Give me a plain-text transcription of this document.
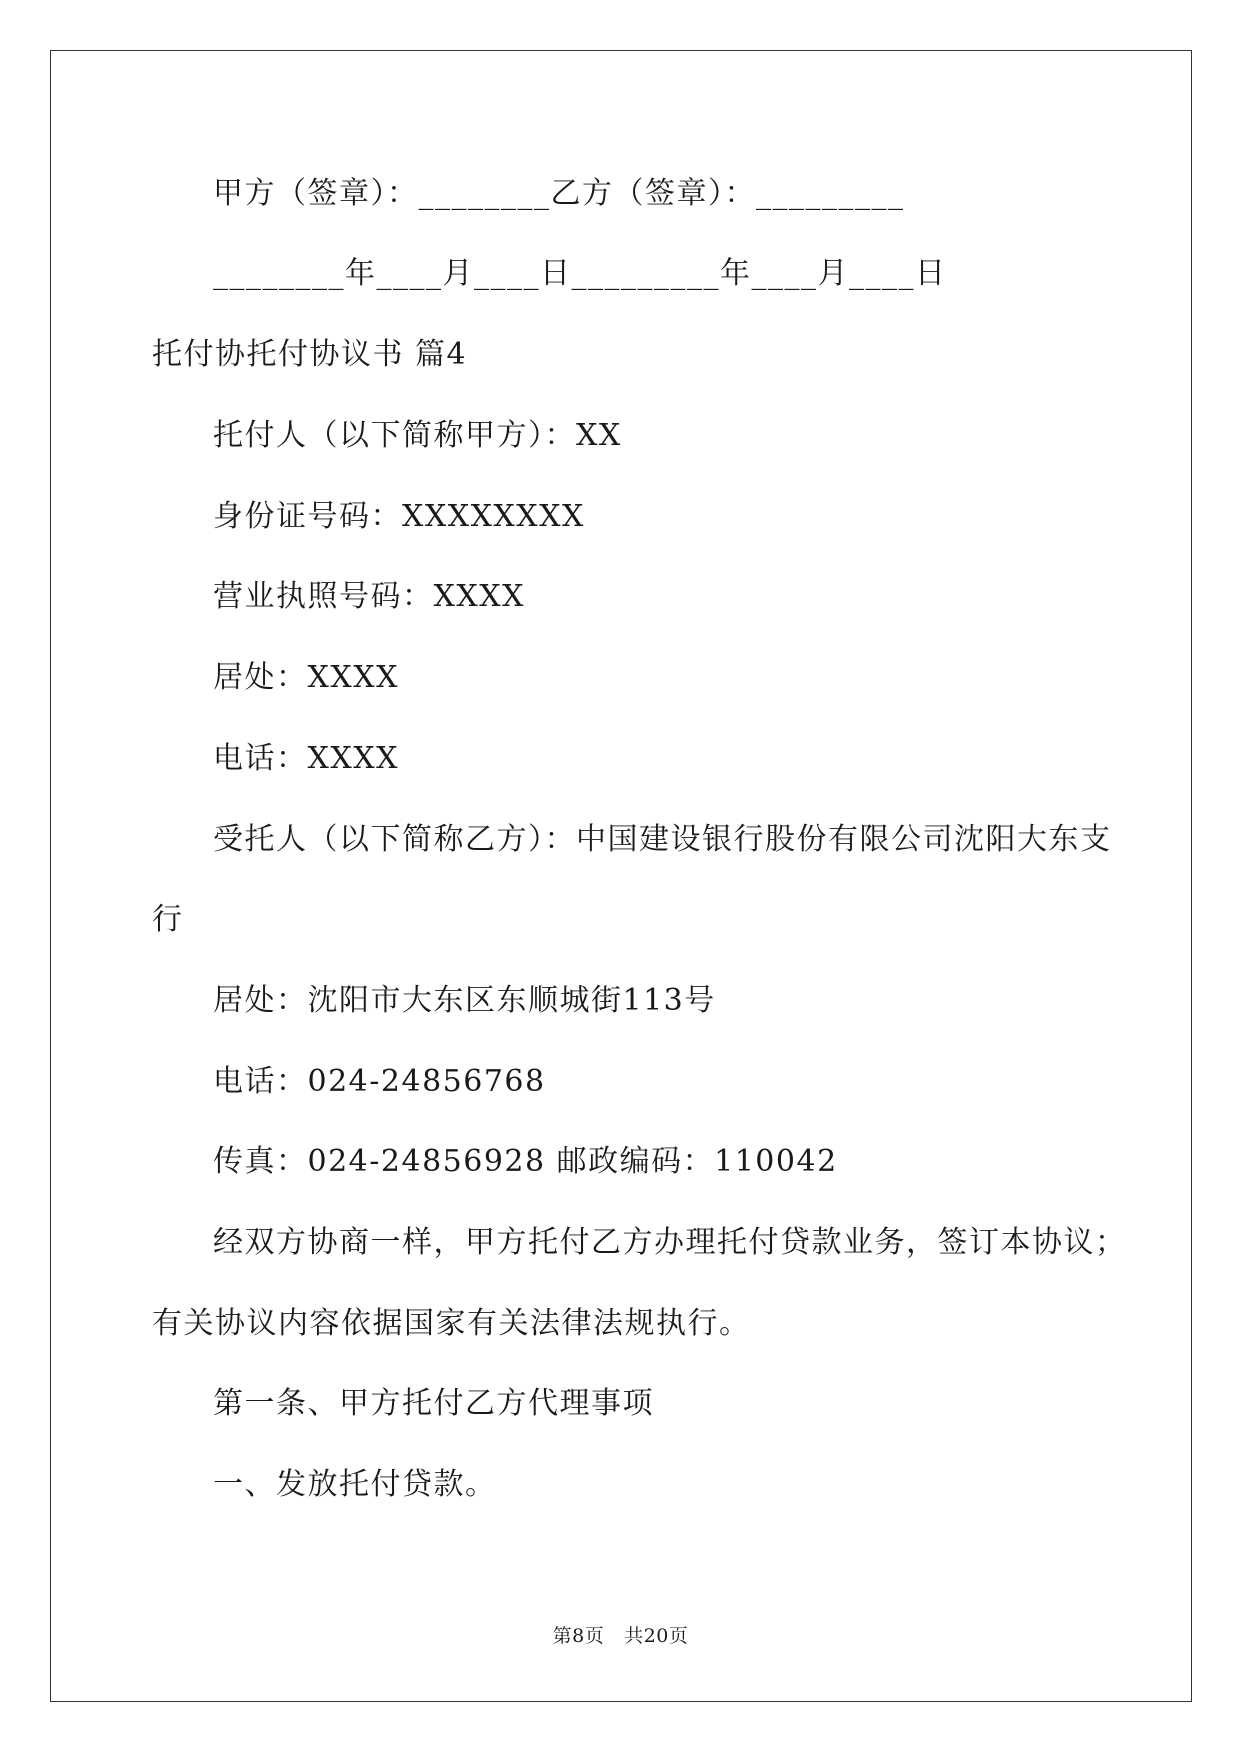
甲方（签章）：________乙方（签章）：_________
________年____月____日_________年____月____日
托付协托付协议书 篇4
托付人（以下简称甲方）：XX
身份证号码：XXXXXXXX
营业执照号码：XXXX
居处：XXXX
电话：XXXX
受托人（以下简称乙方）：中国建设银行股份有限公司沈阳大东支
行
居处：沈阳市大东区东顺城街113号
电话：024-24856768
传真：024-24856928 邮政编码：110042
经双方协商一样，甲方托付乙方办理托付贷款业务，签订本协议；
有关协议内容依据国家有关法律法规执行。
第一条、甲方托付乙方代理事项
一、发放托付贷款。
第8页 共20页
